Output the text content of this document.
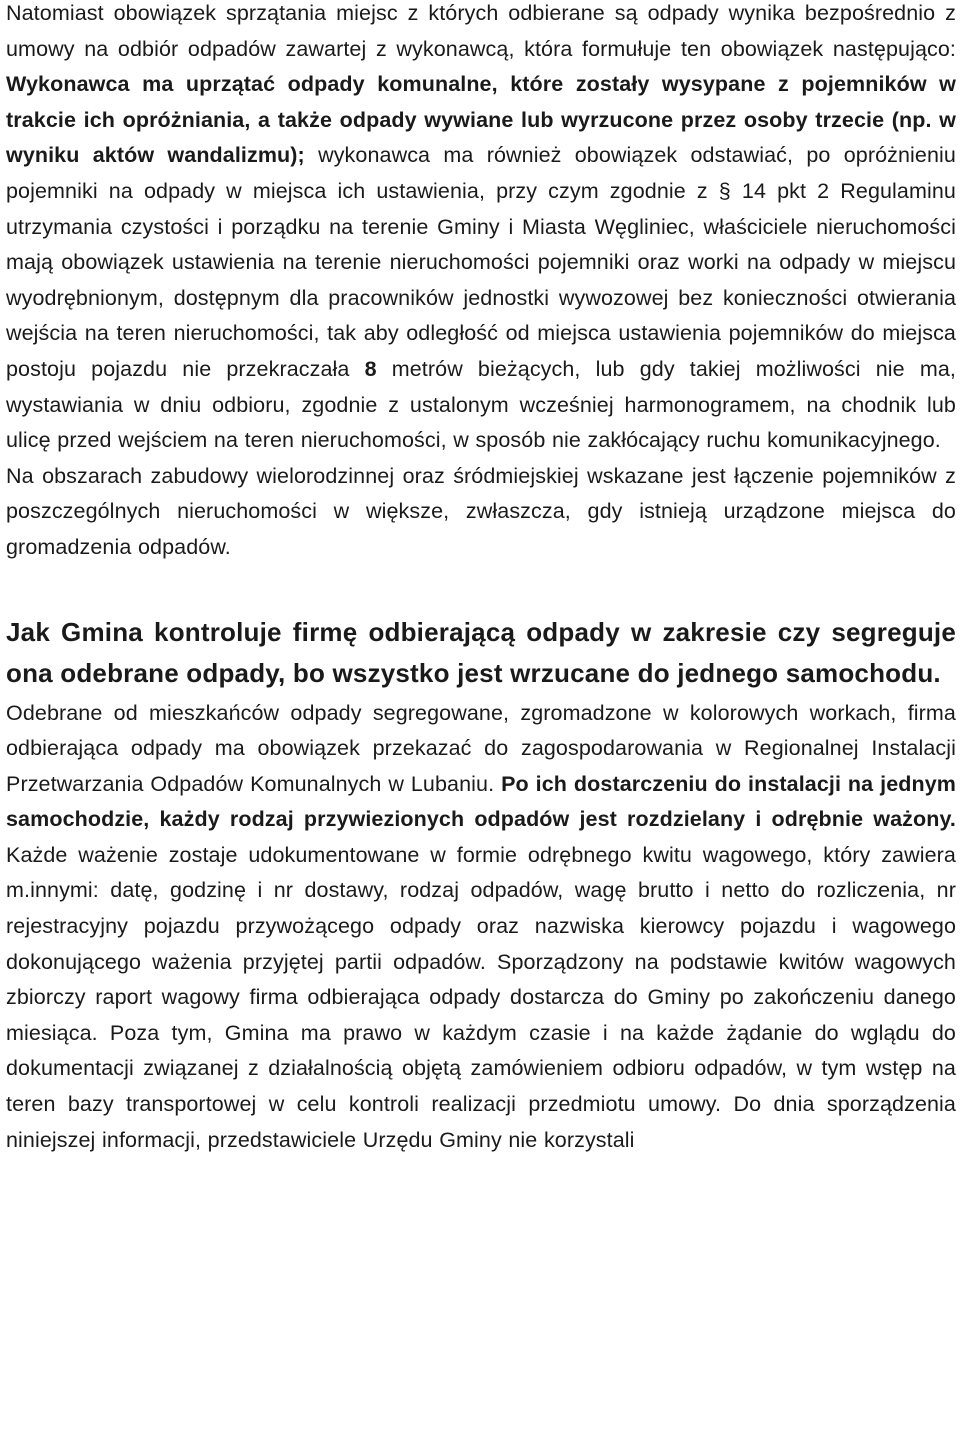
Natomiast obowiązek sprzątania miejsc z których odbierane są odpady wynika bezpośrednio z umowy na odbiór odpadów zawartej z wykonawcą, która formułuje ten obowiązek następująco: Wykonawca ma uprzątać odpady komunalne, które zostały wysypane z pojemników w trakcie ich opróżniania, a także odpady wywiane lub wyrzucone przez osoby trzecie (np. w wyniku aktów wandalizmu); wykonawca ma również obowiązek odstawiać, po opróżnieniu pojemniki na odpady w miejsca ich ustawienia, przy czym zgodnie z § 14 pkt 2 Regulaminu utrzymania czystości i porządku na terenie Gminy i Miasta Węgliniec, właściciele nieruchomości mają obowiązek ustawienia na terenie nieruchomości pojemniki oraz worki na odpady w miejscu wyodrębnionym, dostępnym dla pracowników jednostki wywozowej bez konieczności otwierania wejścia na teren nieruchomości, tak aby odległość od miejsca ustawienia pojemników do miejsca postoju pojazdu nie przekraczała 8 metrów bieżących, lub gdy takiej możliwości nie ma, wystawiania w dniu odbioru, zgodnie z ustalonym wcześniej harmonogramem, na chodnik lub ulicę przed wejściem na teren nieruchomości, w sposób nie zakłócający ruchu komunikacyjnego.

Na obszarach zabudowy wielorodzinnej oraz śródmiejskiej wskazane jest łączenie pojemników z poszczególnych nieruchomości w większe, zwłaszcza, gdy istnieją urządzone miejsca do gromadzenia odpadów.

Jak Gmina kontroluje firmę odbierającą odpady w zakresie czy segreguje ona odebrane odpady, bo wszystko jest wrzucane do jednego samochodu.

Odebrane od mieszkańców odpady segregowane, zgromadzone w kolorowych workach, firma odbierająca odpady ma obowiązek przekazać do zagospodarowania w Regionalnej Instalacji Przetwarzania Odpadów Komunalnych w Lubaniu. Po ich dostarczeniu do instalacji na jednym samochodzie, każdy rodzaj przywiezionych odpadów jest rozdzielany i odrębnie ważony. Każde ważenie zostaje udokumentowane w formie odrębnego kwitu wagowego, który zawiera m.innymi: datę, godzinę i nr dostawy, rodzaj odpadów, wagę brutto i netto do rozliczenia, nr rejestracyjny pojazdu przywożącego odpady oraz nazwiska kierowcy pojazdu i wagowego dokonującego ważenia przyjętej partii odpadów. Sporządzony na podstawie kwitów wagowych zbiorczy raport wagowy firma odbierająca odpady dostarcza do Gminy po zakończeniu danego miesiąca. Poza tym, Gmina ma prawo w każdym czasie i na każde żądanie do wglądu do dokumentacji związanej z działalnością objętą zamówieniem odbioru odpadów, w tym wstęp na teren bazy transportowej w celu kontroli realizacji przedmiotu umowy. Do dnia sporządzenia niniejszej informacji, przedstawiciele Urzędu Gminy nie korzystali
